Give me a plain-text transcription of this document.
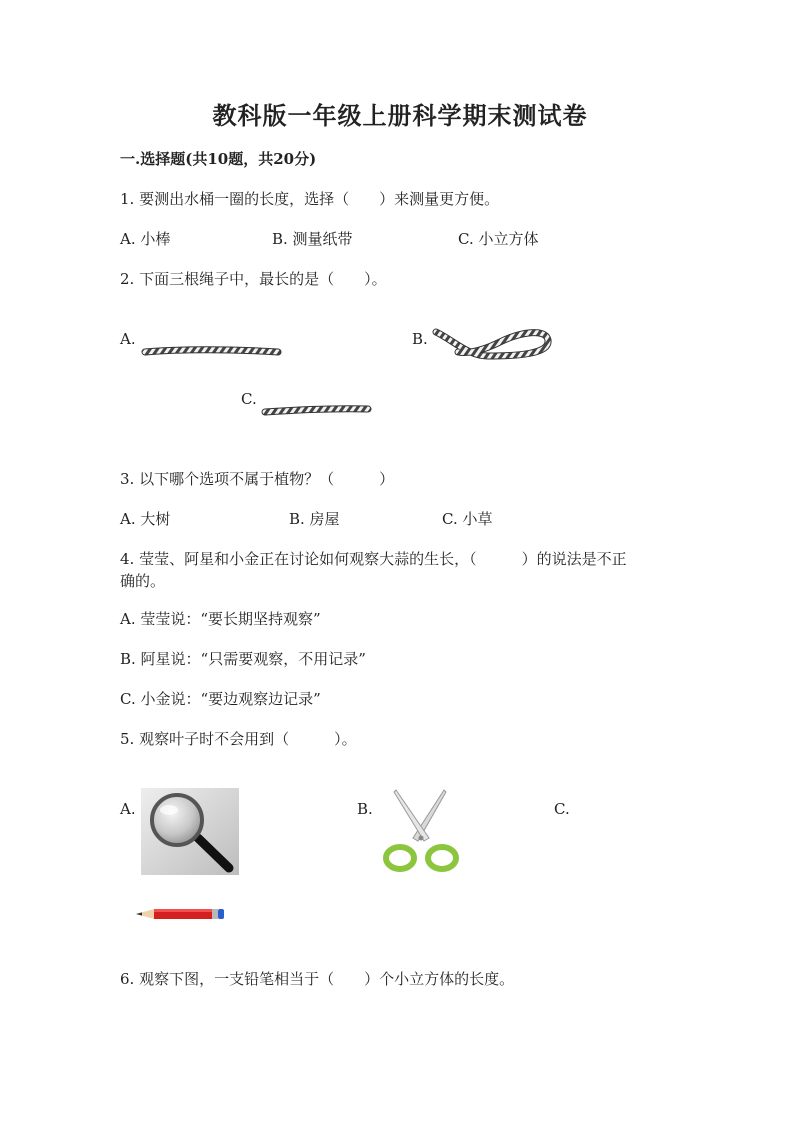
教科版一年级上册科学期末测试卷
一.选择题(共10题，共20分)
1. 要测出水桶一圈的长度，选择（　　）来测量更方便。
A. 小棒	B. 测量纸带	C. 小立方体
2. 下面三根绳子中，最长的是（　　）。
A.	B.
C.
3. 以下哪个选项不属于植物？（　　　）
A. 大树	B. 房屋	C. 小草
4. 莹莹、阿星和小金正在讨论如何观察大蒜的生长，（　　　）的说法是不正
确的。
A. 莹莹说：“要长期坚持观察”
B. 阿星说：“只需要观察，不用记录”
C. 小金说：“要边观察边记录”
5. 观察叶子时不会用到（　　　）。
A.	B.	C.
6. 观察下图，一支铅笔相当于（　　）个小立方体的长度。
